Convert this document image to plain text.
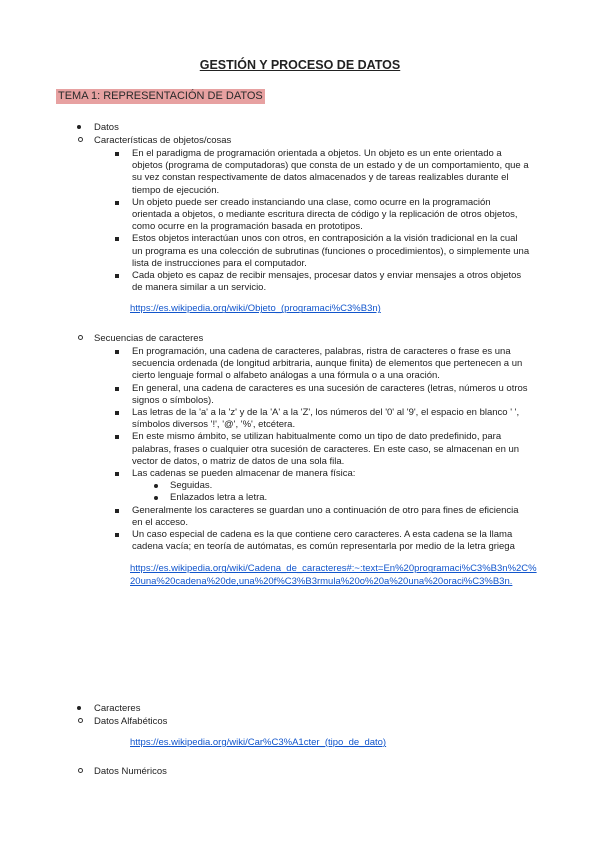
GESTIÓN Y PROCESO DE DATOS
TEMA 1: REPRESENTACIÓN DE DATOS
Datos
Características de objetos/cosas
En el paradigma de programación orientada a objetos. Un objeto es un ente orientado a objetos (programa de computadoras) que consta de un estado y de un comportamiento, que a su vez constan respectivamente de datos almacenados y de tareas realizables durante el tiempo de ejecución.
Un objeto puede ser creado instanciando una clase, como ocurre en la programación orientada a objetos, o mediante escritura directa de código y la replicación de otros objetos, como ocurre en la programación basada en prototipos.
Estos objetos interactúan unos con otros, en contraposición a la visión tradicional en la cual un programa es una colección de subrutinas (funciones o procedimientos), o simplemente una lista de instrucciones para el computador.
Cada objeto es capaz de recibir mensajes, procesar datos y enviar mensajes a otros objetos de manera similar a un servicio.
https://es.wikipedia.org/wiki/Objeto_(programaci%C3%B3n)
Secuencias de caracteres
En programación, una cadena de caracteres, palabras, ristra de caracteres o frase es una secuencia ordenada (de longitud arbitraria, aunque finita) de elementos que pertenecen a un cierto lenguaje formal o alfabeto análogas a una fórmula o a una oración.
En general, una cadena de caracteres es una sucesión de caracteres (letras, números u otros signos o símbolos).
Las letras de la 'a' a la 'z' y de la 'A' a la 'Z', los números del '0' al '9', el espacio en blanco ' ', símbolos diversos '!', '@', '%', etcétera.
En este mismo ámbito, se utilizan habitualmente como un tipo de dato predefinido, para palabras, frases o cualquier otra sucesión de caracteres. En este caso, se almacenan en un vector de datos, o matriz de datos de una sola fila.
Las cadenas se pueden almacenar de manera física:
Seguidas.
Enlazados letra a letra.
Generalmente los caracteres se guardan uno a continuación de otro para fines de eficiencia en el acceso.
Un caso especial de cadena es la que contiene cero caracteres. A esta cadena se la llama cadena vacía; en teoría de autómatas, es común representarla por medio de la letra griega
https://es.wikipedia.org/wiki/Cadena_de_caracteres#:~:text=En%20programaci%C3%B3n%2C%20una%20cadena%20de,una%20f%C3%B3rmula%20o%20a%20una%20oraci%C3%B3n.
Caracteres
Datos Alfabéticos
https://es.wikipedia.org/wiki/Car%C3%A1cter_(tipo_de_dato)
Datos Numéricos
